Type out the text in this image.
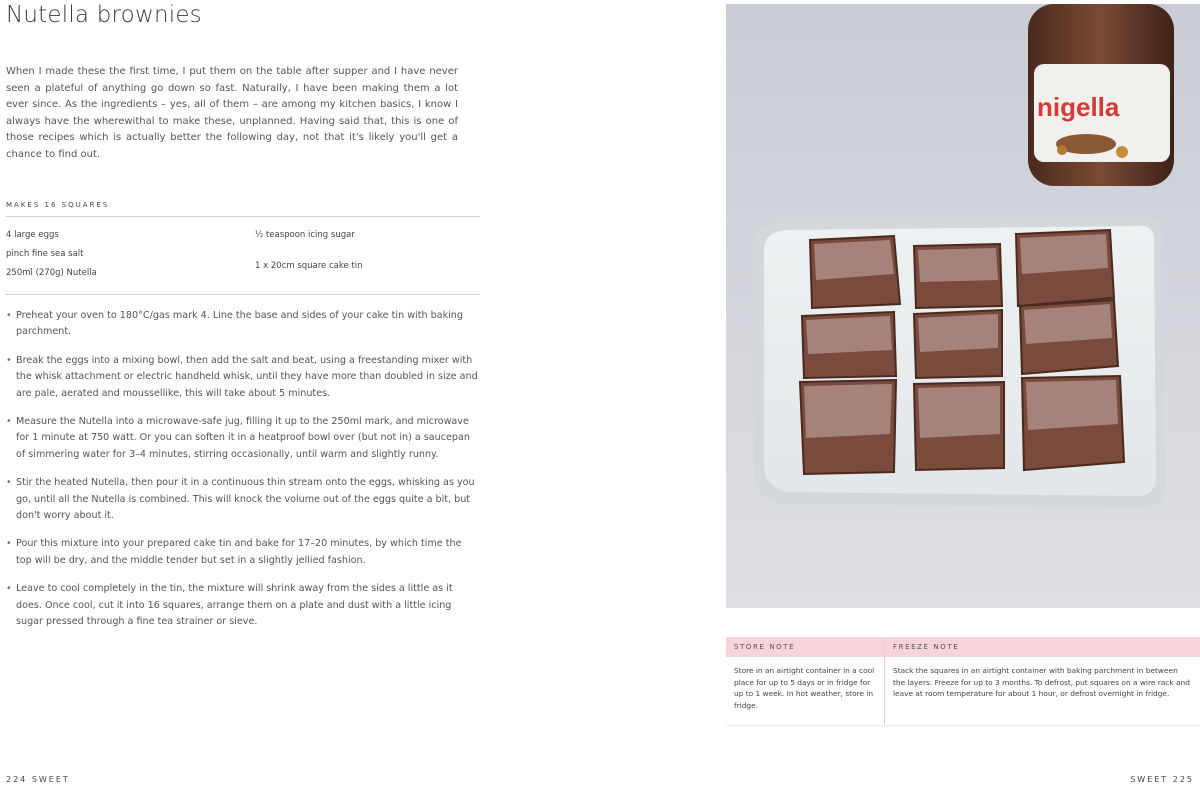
Nutella brownies

When I made these the first time, I put them on the table after supper and I have never seen a plateful of anything go down so fast. Naturally, I have been making them a lot ever since. As the ingredients – yes, all of them – are among my kitchen basics, I know I always have the wherewithal to make these, unplanned. Having said that, this is one of those recipes which is actually better the following day, not that it's likely you'll get a chance to find out.

MAKES 16 SQUARES
4 large eggs
pinch fine sea salt
250ml (270g) Nutella
½ teaspoon icing sugar
1 x 20cm square cake tin
• Preheat your oven to 180°C/gas mark 4. Line the base and sides of your cake tin with baking parchment.
• Break the eggs into a mixing bowl, then add the salt and beat, using a freestanding mixer with the whisk attachment or electric handheld whisk, until they have more than doubled in size and are pale, aerated and moussellike, this will take about 5 minutes.
• Measure the Nutella into a microwave-safe jug, filling it up to the 250ml mark, and microwave for 1 minute at 750 watt. Or you can soften it in a heatproof bowl over (but not in) a saucepan of simmering water for 3–4 minutes, stirring occasionally, until warm and slightly runny.
• Stir the heated Nutella, then pour it in a continuous thin stream onto the eggs, whisking as you go, until all the Nutella is combined. This will knock the volume out of the eggs quite a bit, but don't worry about it.
• Pour this mixture into your prepared cake tin and bake for 17–20 minutes, by which time the top will be dry, and the middle tender but set in a slightly jellied fashion.
• Leave to cool completely in the tin, the mixture will shrink away from the sides a little as it does. Once cool, cut it into 16 squares, arrange them on a plate and dust with a little icing sugar pressed through a fine tea strainer or sieve.
224 SWEET
nigella
STORE NOTE
Store in an airtight container in a cool place for up to 5 days or in fridge for up to 1 week. In hot weather, store in fridge.
FREEZE NOTE
Stack the squares in an airtight container with baking parchment in between the layers. Freeze for up to 3 months. To defrost, put squares on a wire rack and leave at room temperature for about 1 hour, or defrost overnight in fridge.
SWEET 225
